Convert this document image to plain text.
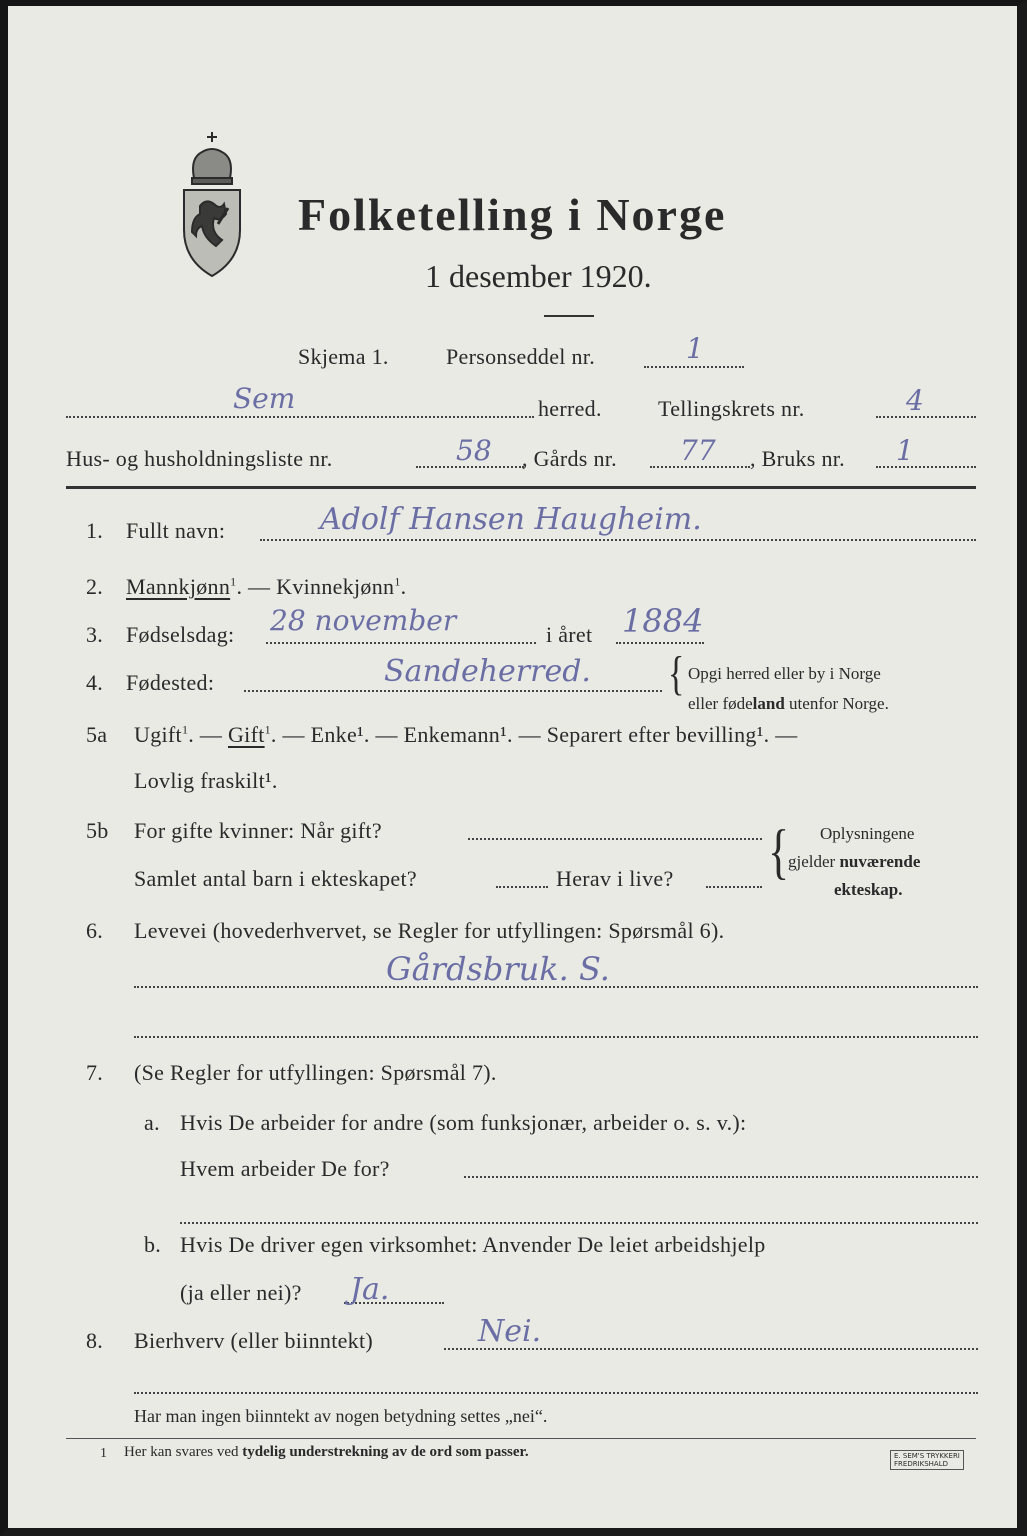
Folketelling i Norge
1 desember 1920.
Skjema 1.	Personseddel nr.	1
Sem	herred.	Tellingskrets nr.	4
Hus- og husholdningsliste nr.	58 , Gårds nr. 77 , Bruks nr. 1
1. Fullt navn:	Adolf Hansen Haugheim.
2. Mannkjønn$^1$. — Kvinnekjønn$^1$.
3. Fødselsdag: 28 november	i året 1884
4. Fødested:	Sandeherred. { Opgi herred eller by i Norge
eller fødeland utenfor Norge.
5a Ugift$^1$. — Gift$^1$. — Enke¹. — Enkemann¹. — Separert efter bevilling¹. —
Lovlig fraskilt¹.
5b For gifte kvinner: Når gift?
Samlet antal barn i ekteskapet?	Herav i live? { Oplysningene
gjelder nuværende
ekteskap.
6. Levevei (hovederhvervet, se Regler for utfyllingen: Spørsmål 6).
Gårdsbruk. S.
7. (Se Regler for utfyllingen: Spørsmål 7).
a. Hvis De arbeider for andre (som funksjonær, arbeider o. s. v.):
Hvem arbeider De for?
b. Hvis De driver egen virksomhet: Anvender De leiet arbeidshjelp
(ja eller nei)? Ja.
8. Bierhverv (eller biinntekt)	Nei.
Har man ingen biinntekt av nogen betydning settes „nei“.
1 Her kan svares ved tydelig understrekning av de ord som passer.	E. SEM'S TRYKKERI
FREDRIKSHALD
